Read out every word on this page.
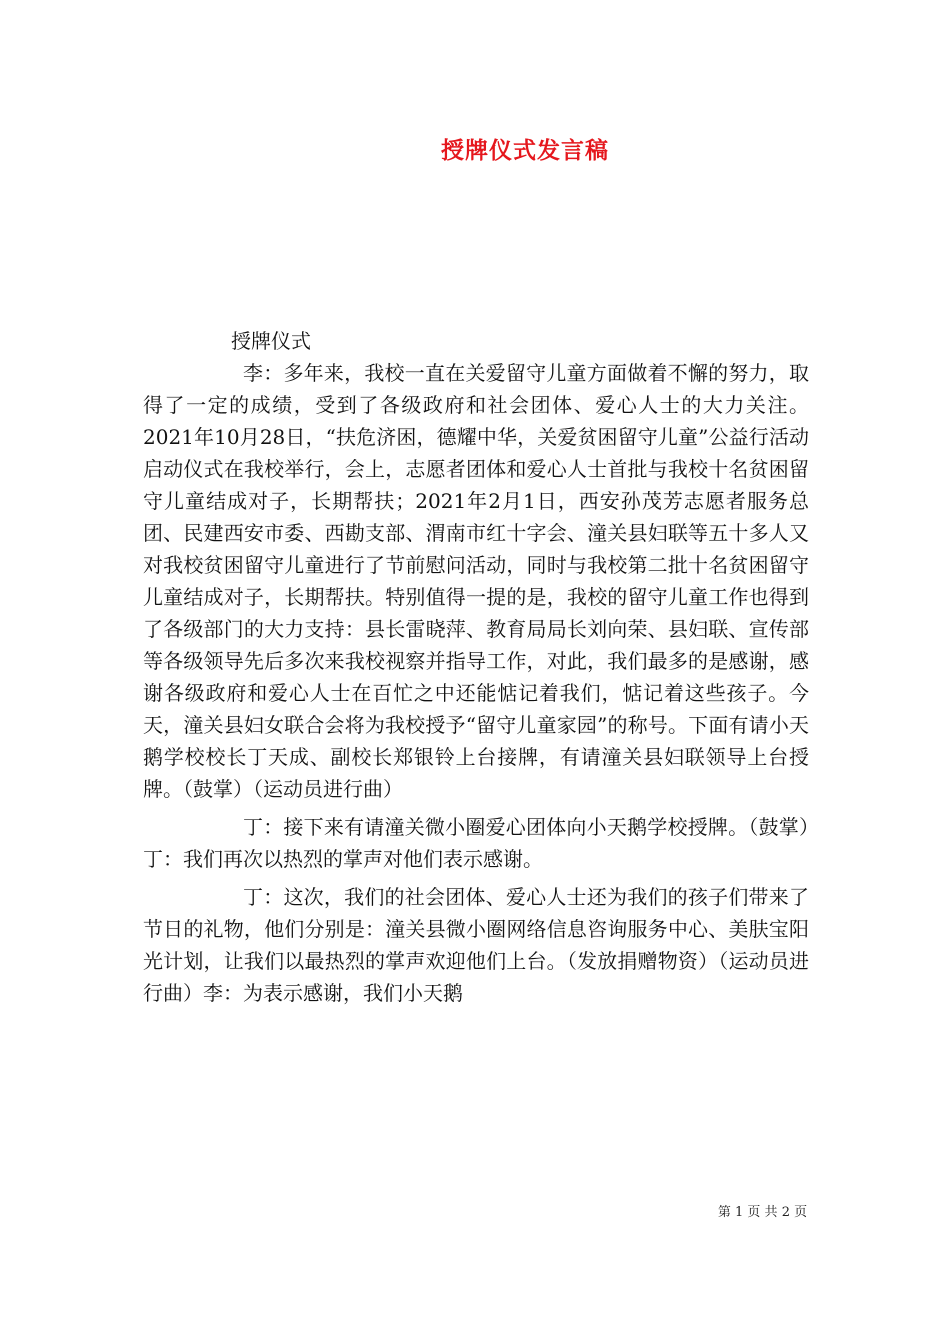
授牌仪式发言稿

授牌仪式

李：多年来，我校一直在关爱留守儿童方面做着不懈的努力，取得了一定的成绩，受到了各级政府和社会团体、爱心人士的大力关注。2021年10月28日，“扶危济困，德耀中华，关爱贫困留守儿童”公益行活动启动仪式在我校举行，会上，志愿者团体和爱心人士首批与我校十名贫困留守儿童结成对子，长期帮扶；2021年2月1日，西安孙茂芳志愿者服务总团、民建西安市委、西勘支部、渭南市红十字会、潼关县妇联等五十多人又对我校贫困留守儿童进行了节前慰问活动，同时与我校第二批十名贫困留守儿童结成对子，长期帮扶。特别值得一提的是，我校的留守儿童工作也得到了各级部门的大力支持：县长雷晓萍、教育局局长刘向荣、县妇联、宣传部等各级领导先后多次来我校视察并指导工作，对此，我们最多的是感谢，感谢各级政府和爱心人士在百忙之中还能惦记着我们，惦记着这些孩子。今天，潼关县妇女联合会将为我校授予“留守儿童家园”的称号。下面有请小天鹅学校校长丁天成、副校长郑银铃上台接牌，有请潼关县妇联领导上台授牌。（鼓掌）（运动员进行曲）

丁：接下来有请潼关微小圈爱心团体向小天鹅学校授牌。（鼓掌）丁：我们再次以热烈的掌声对他们表示感谢。

丁：这次，我们的社会团体、爱心人士还为我们的孩子们带来了节日的礼物，他们分别是：潼关县微小圈网络信息咨询服务中心、美肤宝阳光计划，让我们以最热烈的掌声欢迎他们上台。（发放捐赠物资）（运动员进行曲）李：为表示感谢，我们小天鹅

第 1 页 共 2 页
